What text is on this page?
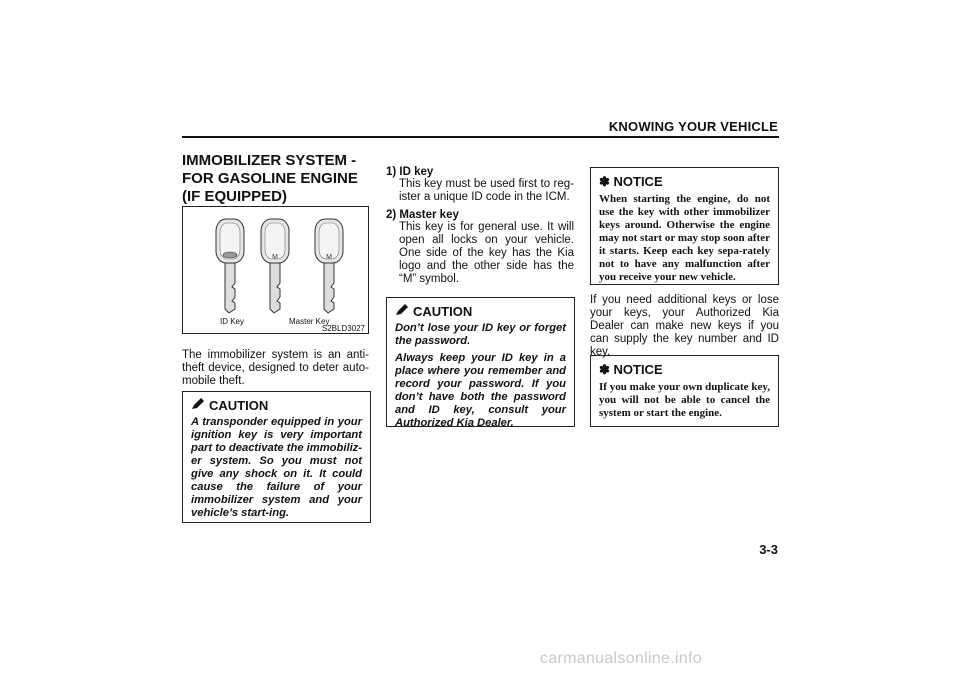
KNOWING YOUR VEHICLE
IMMOBILIZER SYSTEM - FOR GASOLINE ENGINE (IF EQUIPPED)
M	M
ID Key	Master Key
S2BLD3027
The immobilizer system is an anti-theft device, designed to deter auto-mobile theft.
CAUTION
A transponder equipped in your ignition key is very important part to deactivate the immobiliz-er system. So you must not give any shock on it. It could cause the failure of your immobilizer system and your vehicle’s start-ing.
1) ID key
This key must be used first to reg-ister a unique ID code in the ICM.
2) Master key
This key is for general use. It will open all locks on your vehicle. One side of the key has the Kia logo and the other side has the “M” symbol.
CAUTION
Don’t lose your ID key or forget the password.
Always keep your ID key in a place where you remember and record your password. If you don’t have both the password and ID key, consult your Authorized Kia Dealer.
✽ NOTICE
When starting the engine, do not use the key with other immobilizer keys around. Otherwise the engine may not start or may stop soon after it starts. Keep each key sepa-rately not to have any malfunction after you receive your new vehicle.
If you need additional keys or lose your keys, your Authorized Kia Dealer can make new keys if you can supply the key number and ID key.
✽ NOTICE
If you make your own duplicate key, you will not be able to cancel the system or start the engine.
3-3
carmanualsonline.info
